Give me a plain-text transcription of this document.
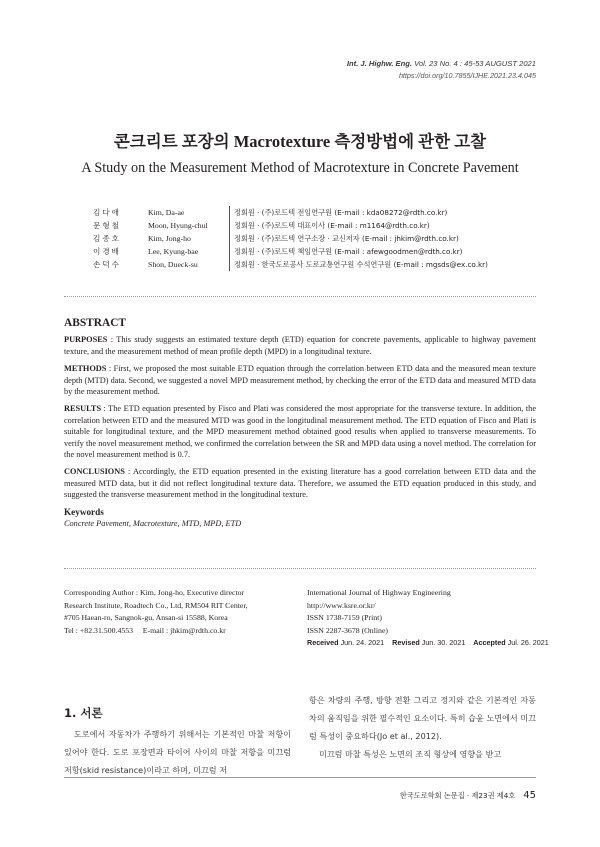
Int. J. Highw. Eng. Vol. 23 No. 4 : 45-53 AUGUST 2021
https://doi.org/10.7855/IJHE.2021.23.4.045
콘크리트 포장의 Macrotexture 측정방법에 관한 고찰
A Study on the Measurement Method of Macrotexture in Concrete Pavement
김다애	Kim, Da-ae	정회원 · (주)로드텍 전임연구원 (E-mail : kda08272@rdth.co.kr)
문형철	Moon, Hyung-chul	정회원 · (주)로드텍 대표이사 (E-mail : m1164@rdth.co.kr)
김종호	Kim, Jong-ho	정회원 · (주)로드텍 연구소장 · 교신저자 (E-mail : jhkim@rdth.co.kr)
이경배	Lee, Kyung-bae	정회원 · (주)로드텍 책임연구원 (E-mail : afewgoodmen@rdth.co.kr)
손덕수	Shon, Dueck-su	정회원 · 한국도로공사 도로교통연구원 수석연구원 (E-mail : mgsds@ex.co.kr)
ABSTRACT

PURPOSES : This study suggests an estimated texture depth (ETD) equation for concrete pavements, applicable to highway pavement texture, and the measurement method of mean profile depth (MPD) in a longitudinal texture.

METHODS : First, we proposed the most suitable ETD equation through the correlation between ETD data and the measured mean texture depth (MTD) data. Second, we suggested a novel MPD measurement method, by checking the error of the ETD data and measured MTD data by the measurement method.

RESULTS : The ETD equation presented by Fisco and Plati was considered the most appropriate for the transverse texture. In addition, the correlation between ETD and the measured MTD was good in the longitudinal measurement method. The ETD equation of Fisco and Plati is suitable for longitudinal texture, and the MPD measurement method obtained good results when applied to transverse measurements. To verify the novel measurement method, we confirmed the correlation between the SR and MPD data using a novel method. The correlation for the novel measurement method is 0.7.

CONCLUSIONS : Accordingly, the ETD equation presented in the existing literature has a good correlation between ETD data and the measured MTD data, but it did not reflect longitudinal texture data. Therefore, we assumed the ETD equation produced in this study, and suggested the transverse measurement method in the longitudinal texture.

Keywords
Concrete Pavement, Macrotexture, MTD, MPD, ETD
Corresponding Author : Kim, Jong-ho, Executive director
Research Institute, Roadtech Co., Ltd, RM504 RIT Center,
#705 Haean-ro, Sangnok-gu, Ansan-si 15588, Korea
Tel : +82.31.500.4553     E-mail : jhkim@rdth.co.kr
International Journal of Highway Engineering
http://www.ksre.or.kr/
ISSN 1738-7159 (Print)
ISSN 2287-3678 (Online)
Received Jun. 24. 2021 Revised Jun. 30. 2021 Accepted Jul. 26. 2021
1. 서론

도로에서 자동차가 주행하기 위해서는 기본적인 마찰 저항이 있어야 한다. 도로 포장면과 타이어 사이의 마찰 저항을 미끄럼 저항(skid resistance)이라고 하며, 미끄럼 저

항은 차량의 주행, 방향 전환 그리고 정지와 같은 기본적인 자동차의 움직임을 위한 필수적인 요소이다. 특히 습윤 노면에서 미끄럼 특성이 중요하다(Jo et al., 2012).

미끄럼 마찰 특성은 노면의 조직 형상에 영향을 받고

한국도로학회 논문집 · 제23권 제4호 45
